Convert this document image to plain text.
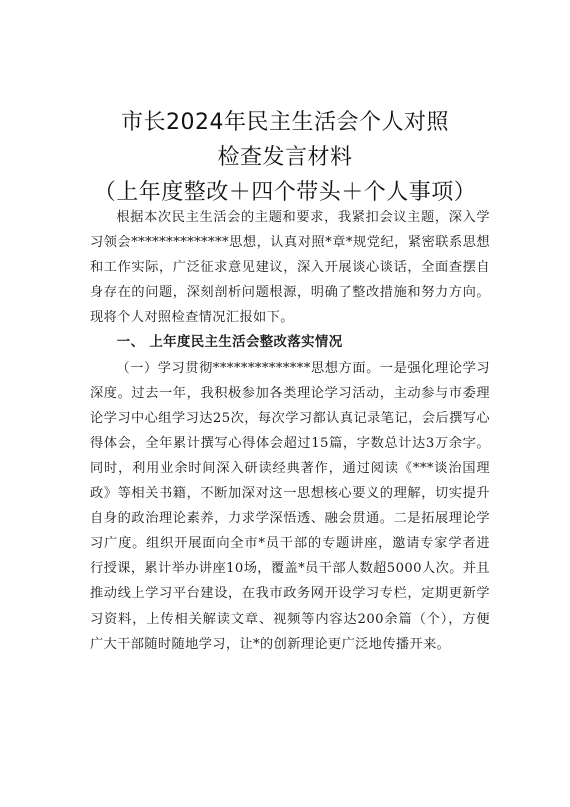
市长2024年民主生活会个人对照
检查发言材料
（上年度整改＋四个带头＋个人事项）

根据本次民主生活会的主题和要求，我紧扣会议主题，深入学习领会**************思想，认真对照*章*规党纪，紧密联系思想和工作实际，广泛征求意见建议，深入开展谈心谈话，全面查摆自身存在的问题，深刻剖析问题根源，明确了整改措施和努力方向。现将个人对照检查情况汇报如下。

一、 上年度民主生活会整改落实情况

（一）学习贯彻**************思想方面。一是强化理论学习深度。过去一年，我积极参加各类理论学习活动，主动参与市委理论学习中心组学习达25次，每次学习都认真记录笔记，会后撰写心得体会，全年累计撰写心得体会超过15篇，字数总计达3万余字。同时，利用业余时间深入研读经典著作，通过阅读《***谈治国理政》等相关书籍，不断加深对这一思想核心要义的理解，切实提升自身的政治理论素养，力求学深悟透、融会贯通。二是拓展理论学习广度。组织开展面向全市*员干部的专题讲座，邀请专家学者进行授课，累计举办讲座10场，覆盖*员干部人数超5000人次。并且推动线上学习平台建设，在我市政务网开设学习专栏，定期更新学习资料，上传相关解读文章、视频等内容达200余篇（个），方便广大干部随时随地学习，让*的创新理论更广泛地传播开来。
